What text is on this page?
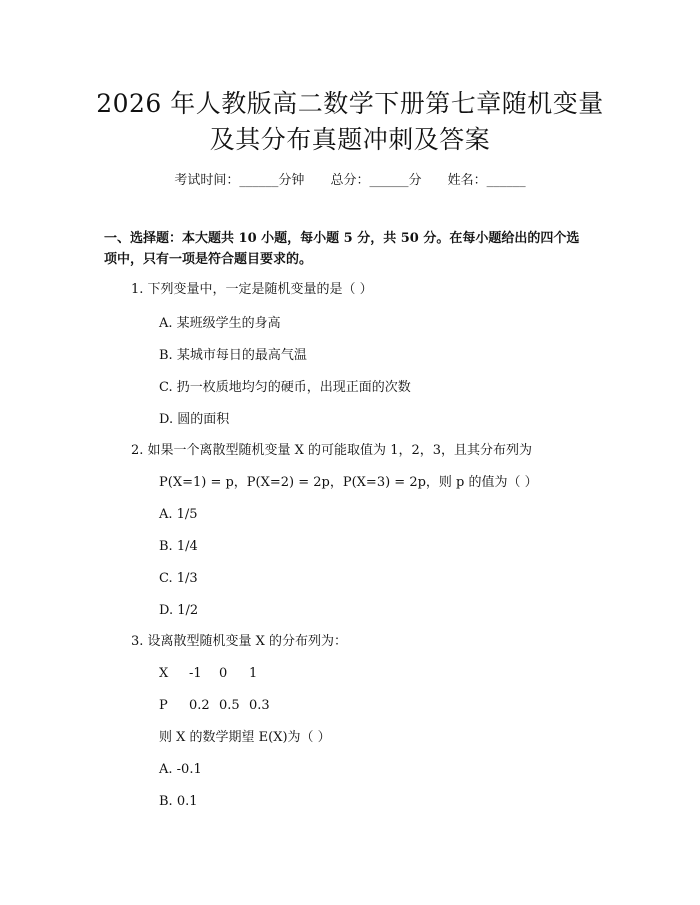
2026 年人教版高二数学下册第七章随机变量
及其分布真题冲刺及答案
考试时间：______分钟 总分：______分 姓名：______
一、选择题：本大题共 10 小题，每小题 5 分，共 50 分。在每小题给出的四个选
项中，只有一项是符合题目要求的。
1. 下列变量中，一定是随机变量的是（ ）
A. 某班级学生的身高
B. 某城市每日的最高气温
C. 扔一枚质地均匀的硬币，出现正面的次数
D. 圆的面积
2. 如果一个离散型随机变量 X 的可能取值为 1，2，3，且其分布列为
P(X=1) = p，P(X=2) = 2p，P(X=3) = 2p，则 p 的值为（ ）
A. 1/5
B. 1/4
C. 1/3
D. 1/2
3. 设离散型随机变量 X 的分布列为：
X -1 0 1
P 0.2 0.5 0.3
则 X 的数学期望 E(X)为（ ）
A. -0.1
B. 0.1
